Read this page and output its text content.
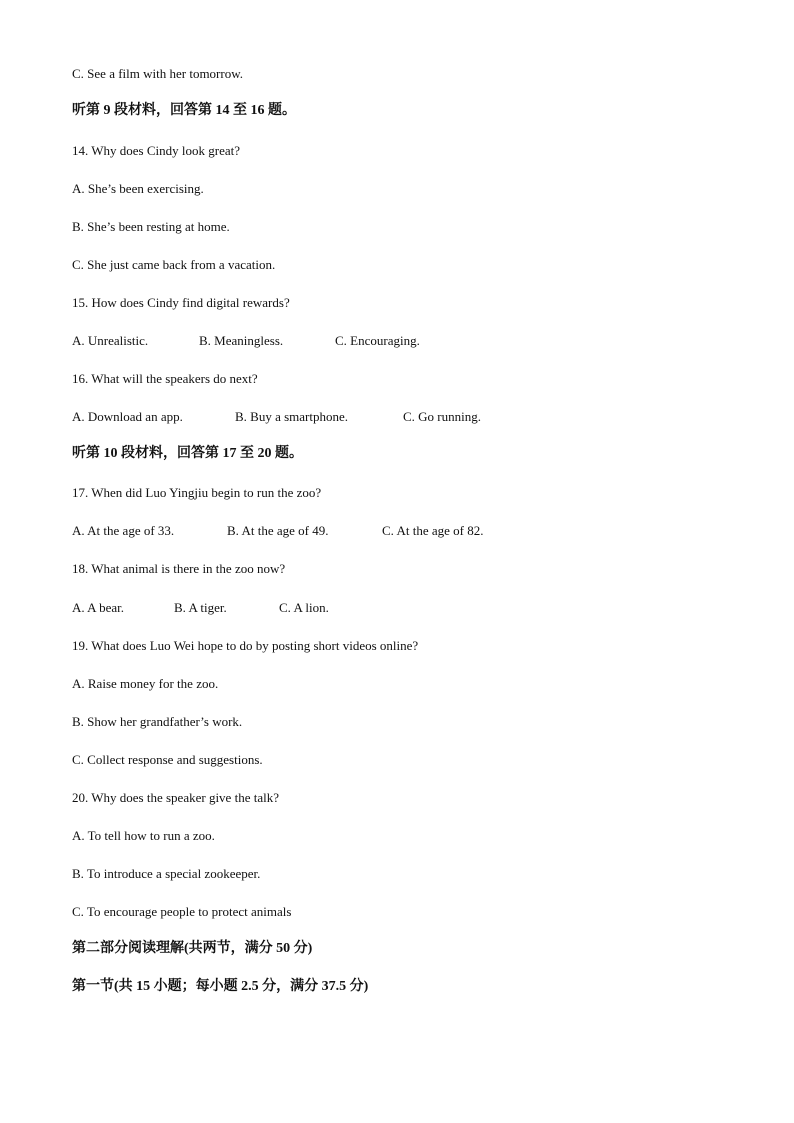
C. See a film with her tomorrow.
听第 9 段材料，回答第 14 至 16 题。
14. Why does Cindy look great?
A. She’s been exercising.
B. She’s been resting at home.
C. She just came back from a vacation.
15. How does Cindy find digital rewards?
A. Unrealistic.	B. Meaningless.	C. Encouraging.
16. What will the speakers do next?
A. Download an app.	B. Buy a smartphone.	C. Go running.
听第 10 段材料，回答第 17 至 20 题。
17. When did Luo Yingjiu begin to run the zoo?
A. At the age of 33.	B. At the age of 49.	C. At the age of 82.
18. What animal is there in the zoo now?
A. A bear.	B. A tiger.	C. A lion.
19. What does Luo Wei hope to do by posting short videos online?
A. Raise money for the zoo.
B. Show her grandfather’s work.
C. Collect response and suggestions.
20. Why does the speaker give the talk?
A. To tell how to run a zoo.
B. To introduce a special zookeeper.
C. To encourage people to protect animals
第二部分阅读理解(共两节，满分 50 分)
第一节(共 15 小题；每小题 2.5 分，满分 37.5 分)
